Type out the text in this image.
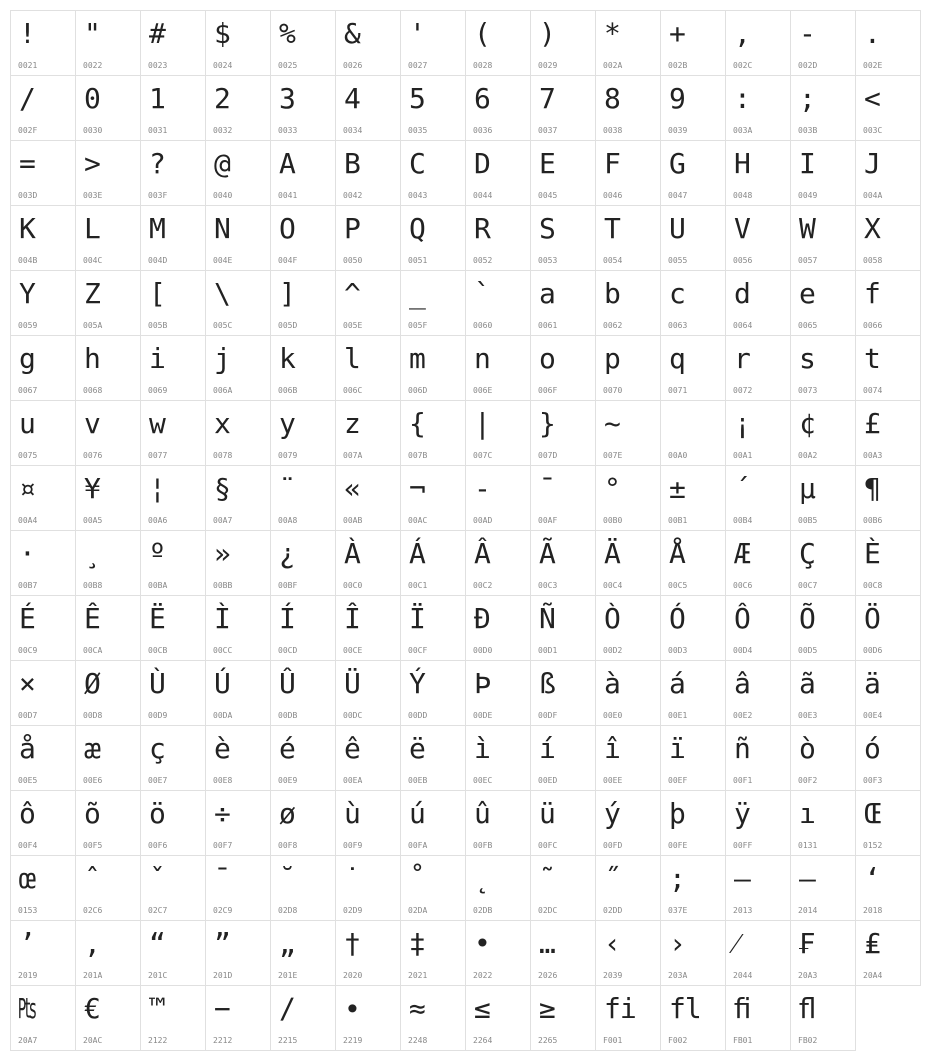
!
0021
"
0022
#
0023
$
0024
%
0025
&
0026
'
0027
(
0028
)
0029
*
002A
+
002B
,
002C
-
002D
.
002E
/
002F
0
0030
1
0031
2
0032
3
0033
4
0034
5
0035
6
0036
7
0037
8
0038
9
0039
:
003A
;
003B
<
003C
=
003D
>
003E
?
003F
@
0040
A
0041
B
0042
C
0043
D
0044
E
0045
F
0046
G
0047
H
0048
I
0049
J
004A
K
004B
L
004C
M
004D
N
004E
O
004F
P
0050
Q
0051
R
0052
S
0053
T
0054
U
0055
V
0056
W
0057
X
0058
Y
0059
Z
005A
[
005B
\
005C
]
005D
^
005E
_
005F
`
0060
a
0061
b
0062
c
0063
d
0064
e
0065
f
0066
g
0067
h
0068
i
0069
j
006A
k
006B
l
006C
m
006D
n
006E
o
006F
p
0070
q
0071
r
0072
s
0073
t
0074
u
0075
v
0076
w
0077
x
0078
y
0079
z
007A
{
007B
|
007C
}
007D
~
007E	00A0
¡
00A1
¢
00A2
£
00A3
¤
00A4
¥
00A5
¦
00A6
§
00A7
¨
00A8
«
00AB
¬
00AC
-
00AD
¯
00AF
°
00B0
±
00B1
´
00B4
µ
00B5
¶
00B6
·
00B7
¸
00B8
º
00BA
»
00BB
¿
00BF
À
00C0
Á
00C1
Â
00C2
Ã
00C3
Ä
00C4
Å
00C5
Æ
00C6
Ç
00C7
È
00C8
É
00C9
Ê
00CA
Ë
00CB
Ì
00CC
Í
00CD
Î
00CE
Ï
00CF
Ð
00D0
Ñ
00D1
Ò
00D2
Ó
00D3
Ô
00D4
Õ
00D5
Ö
00D6
×
00D7
Ø
00D8
Ù
00D9
Ú
00DA
Û
00DB
Ü
00DC
Ý
00DD
Þ
00DE
ß
00DF
à
00E0
á
00E1
â
00E2
ã
00E3
ä
00E4
å
00E5
æ
00E6
ç
00E7
è
00E8
é
00E9
ê
00EA
ë
00EB
ì
00EC
í
00ED
î
00EE
ï
00EF
ñ
00F1
ò
00F2
ó
00F3
ô
00F4
õ
00F5
ö
00F6
÷
00F7
ø
00F8
ù
00F9
ú
00FA
û
00FB
ü
00FC
ý
00FD
þ
00FE
ÿ
00FF
ı
0131
Œ
0152
œ
0153
ˆ
02C6
ˇ
02C7
ˉ
02C9
˘
02D8
˙
02D9
˚
02DA
˛
02DB
˜
02DC
˝
02DD
;
037E
–
2013
—
2014
‘
2018
’
2019
‚
201A
“
201C
”
201D
„
201E
†
2020
‡
2021
•
2022
…
2026
‹
2039
›
203A
⁄
2044
₣
20A3
₤
20A4
₧
20A7
€
20AC
™
2122
−
2212
∕
2215
∙
2219
≈
2248
≤
2264
≥
2265
fi
F001
fl
F002
ﬁ
FB01
ﬂ
FB02
